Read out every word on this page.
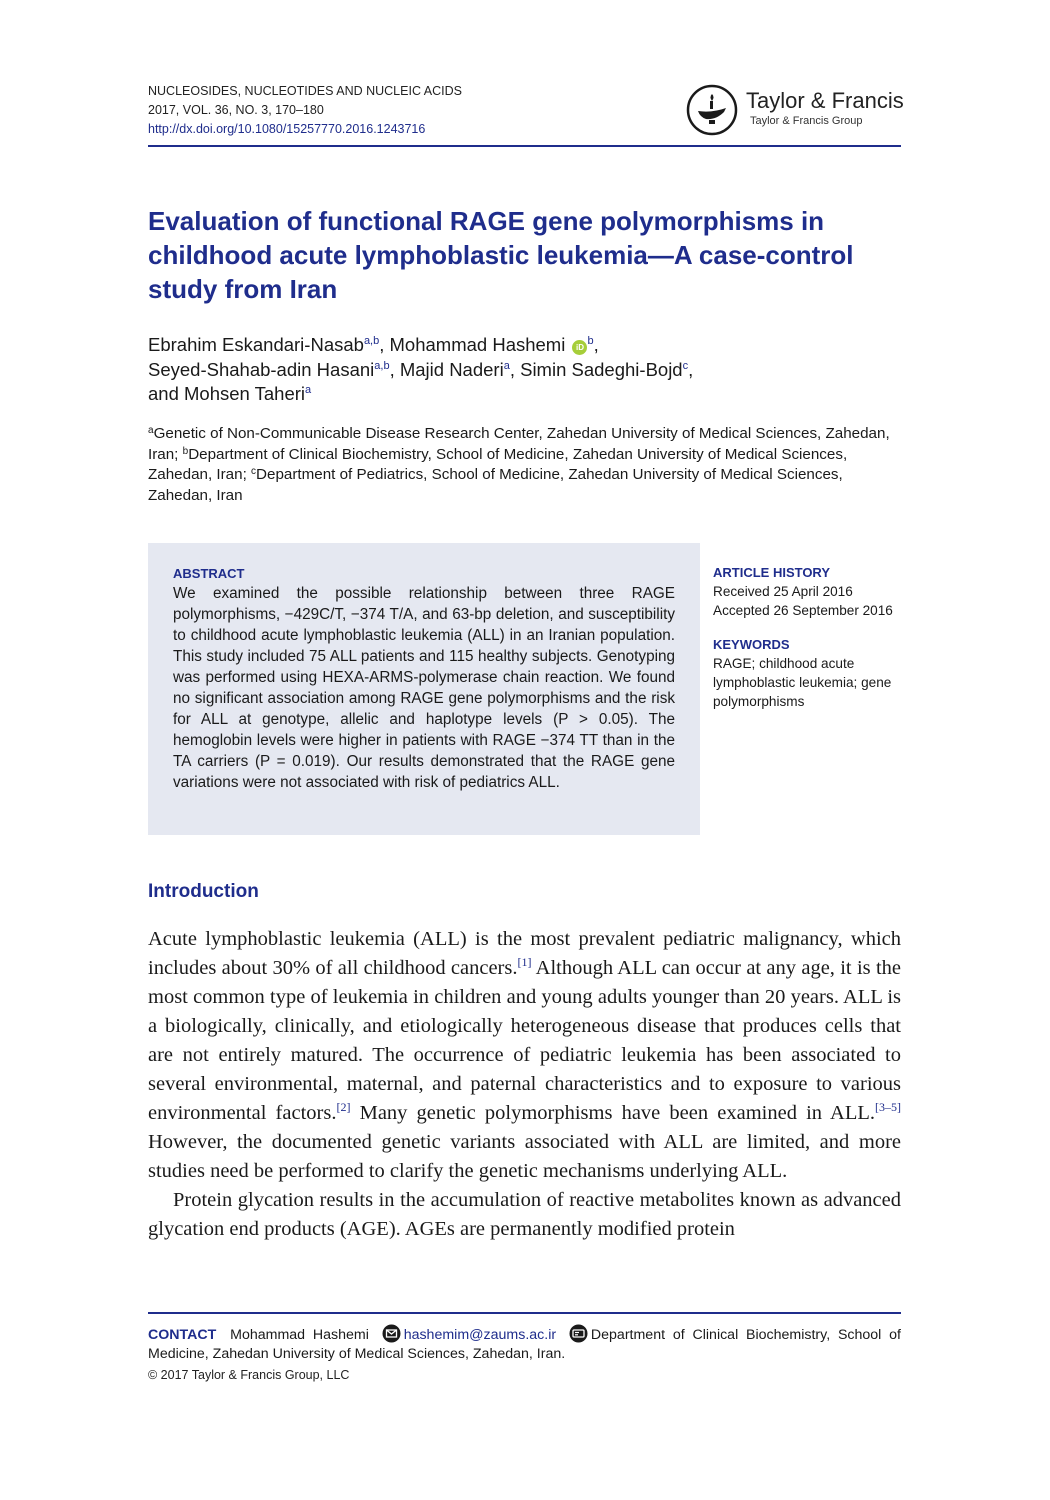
NUCLEOSIDES, NUCLEOTIDES AND NUCLEIC ACIDS
2017, VOL. 36, NO. 3, 170–180
http://dx.doi.org/10.1080/15257770.2016.1243716
Taylor & Francis
Taylor & Francis Group
Evaluation of functional RAGE gene polymorphisms in childhood acute lymphoblastic leukemia—A case-control study from Iran
Ebrahim Eskandari-Nasab$^{a,b}$, Mohammad Hashemi $iD^b$,
Seyed-Shahab-adin Hasani$^{a,b}$, Majid Naderi$^a$, Simin Sadeghi-Bojd$^c$,
and Mohsen Taheri$^a$
$^a$Genetic of Non-Communicable Disease Research Center, Zahedan University of Medical Sciences, Zahedan, Iran; $^b$Department of Clinical Biochemistry, School of Medicine, Zahedan University of Medical Sciences, Zahedan, Iran; $^c$Department of Pediatrics, School of Medicine, Zahedan University of Medical Sciences, Zahedan, Iran
ABSTRACT
We examined the possible relationship between three RAGE polymorphisms, −429C/T, −374 T/A, and 63-bp deletion, and susceptibility to childhood acute lymphoblastic leukemia (ALL) in an Iranian population. This study included 75 ALL patients and 115 healthy subjects. Genotyping was performed using HEXA-ARMS-polymerase chain reaction. We found no significant association among RAGE gene polymorphisms and the risk for ALL at genotype, allelic and haplotype levels (P > 0.05). The hemoglobin levels were higher in patients with RAGE −374 TT than in the TA carriers (P = 0.019). Our results demonstrated that the RAGE gene variations were not associated with risk of pediatrics ALL.
ARTICLE HISTORY
Received 25 April 2016
Accepted 26 September 2016
KEYWORDS
RAGE; childhood acute lymphoblastic leukemia; gene polymorphisms
Introduction

Acute lymphoblastic leukemia (ALL) is the most prevalent pediatric malignancy, which includes about 30% of all childhood cancers.[1] Although ALL can occur at any age, it is the most common type of leukemia in children and young adults younger than 20 years. ALL is a biologically, clinically, and etiologically heterogeneous disease that produces cells that are not entirely matured. The occurrence of pediatric leukemia has been associated to several environmental, maternal, and paternal characteristics and to exposure to various environmental factors.[2] Many genetic polymorphisms have been examined in ALL.[3–5] However, the documented genetic variants associated with ALL are limited, and more studies need be performed to clarify the genetic mechanisms underlying ALL.

Protein glycation results in the accumulation of reactive metabolites known as advanced glycation end products (AGE). AGEs are permanently modified protein

CONTACT Mohammad Hashemi hashemim@zaums.ac.ir Department of Clinical Biochemistry, School of Medicine, Zahedan University of Medical Sciences, Zahedan, Iran.
© 2017 Taylor & Francis Group, LLC
